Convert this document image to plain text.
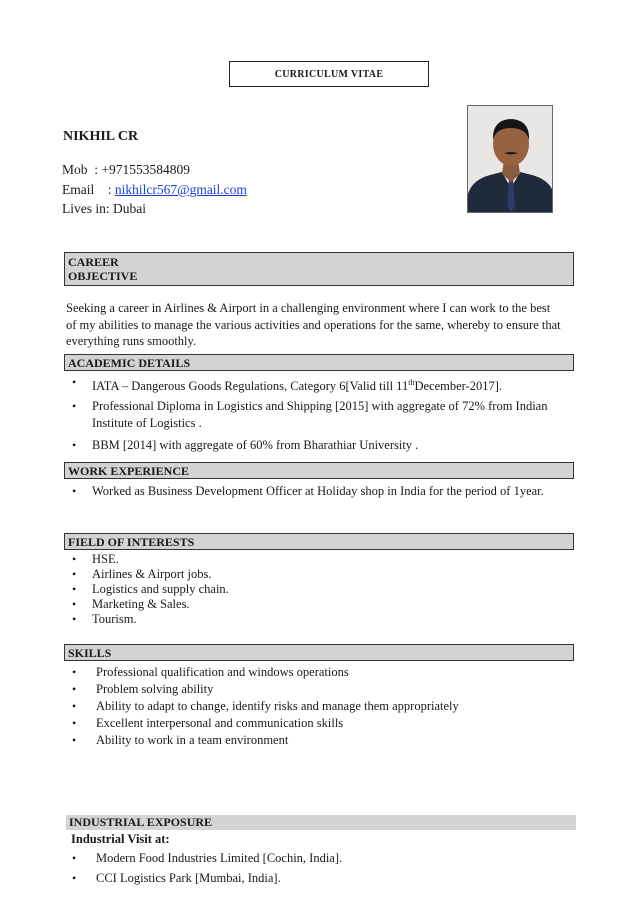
CURRICULUM VITAE
NIKHIL CR
Mob : +971553584809
Email : nikhilcr567@gmail.com
Lives in: Dubai
CAREER
OBJECTIVE
Seeking a career in Airlines & Airport in a challenging environment where I can work to the best of my abilities to manage the various activities and operations for the same, whereby to ensure that everything runs smoothly.
ACADEMIC DETAILS
• IATA – Dangerous Goods Regulations, Category 6[Valid till 11thDecember-2017].
• Professional Diploma in Logistics and Shipping [2015] with aggregate of 72% from Indian Institute of Logistics .
• BBM [2014] with aggregate of 60% from Bharathiar University .
WORK EXPERIENCE
• Worked as Business Development Officer at Holiday shop in India for the period of 1year.
FIELD OF INTERESTS
• HSE.
• Airlines & Airport jobs.
• Logistics and supply chain.
• Marketing & Sales.
• Tourism.
SKILLS
• Professional qualification and windows operations
• Problem solving ability
• Ability to adapt to change, identify risks and manage them appropriately
• Excellent interpersonal and communication skills
• Ability to work in a team environment
INDUSTRIAL EXPOSURE
Industrial Visit at:
• Modern Food Industries Limited [Cochin, India].
• CCI Logistics Park [Mumbai, India].
